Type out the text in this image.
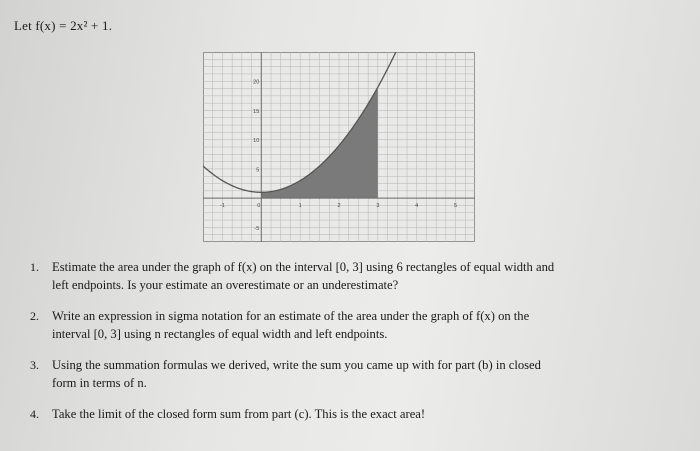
Let f(x) = 2x² + 1.
20
15
10
5
-5
-1	0	1	2	3	4	5
1. Estimate the area under the graph of f(x) on the interval [0, 3] using 6 rectangles of equal width and
left endpoints. Is your estimate an overestimate or an underestimate?
2. Write an expression in sigma notation for an estimate of the area under the graph of f(x) on the
interval [0, 3] using n rectangles of equal width and left endpoints.
3. Using the summation formulas we derived, write the sum you came up with for part (b) in closed
form in terms of n.
4. Take the limit of the closed form sum from part (c). This is the exact area!
